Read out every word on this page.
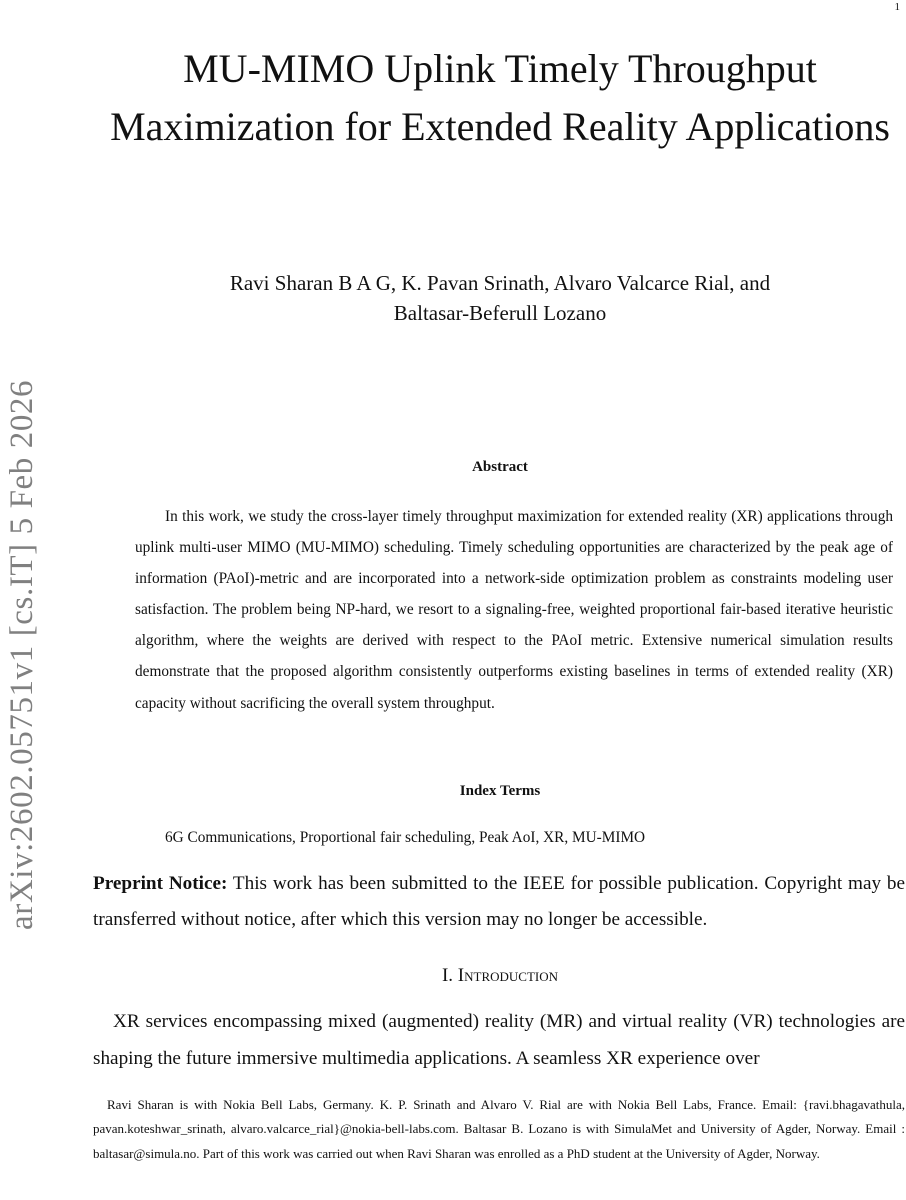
1
arXiv:2602.05751v1 [cs.IT] 5 Feb 2026
MU-MIMO Uplink Timely Throughput Maximization for Extended Reality Applications
Ravi Sharan B A G, K. Pavan Srinath, Alvaro Valcarce Rial, and
Baltasar-Beferull Lozano
Abstract

In this work, we study the cross-layer timely throughput maximization for extended reality (XR) applications through uplink multi-user MIMO (MU-MIMO) scheduling. Timely scheduling opportunities are characterized by the peak age of information (PAoI)-metric and are incorporated into a network-side optimization problem as constraints modeling user satisfaction. The problem being NP-hard, we resort to a signaling-free, weighted proportional fair-based iterative heuristic algorithm, where the weights are derived with respect to the PAoI metric. Extensive numerical simulation results demonstrate that the proposed algorithm consistently outperforms existing baselines in terms of extended reality (XR) capacity without sacrificing the overall system throughput.

Index Terms
6G Communications, Proportional fair scheduling, Peak AoI, XR, MU-MIMO

Preprint Notice: This work has been submitted to the IEEE for possible publication. Copyright may be transferred without notice, after which this version may no longer be accessible.

I. Introduction

XR services encompassing mixed (augmented) reality (MR) and virtual reality (VR) technologies are shaping the future immersive multimedia applications. A seamless XR experience over

Ravi Sharan is with Nokia Bell Labs, Germany. K. P. Srinath and Alvaro V. Rial are with Nokia Bell Labs, France. Email: {ravi.bhagavathula, pavan.koteshwar_srinath, alvaro.valcarce_rial}@nokia-bell-labs.com. Baltasar B. Lozano is with SimulaMet and University of Agder, Norway. Email : baltasar@simula.no. Part of this work was carried out when Ravi Sharan was enrolled as a PhD student at the University of Agder, Norway.
